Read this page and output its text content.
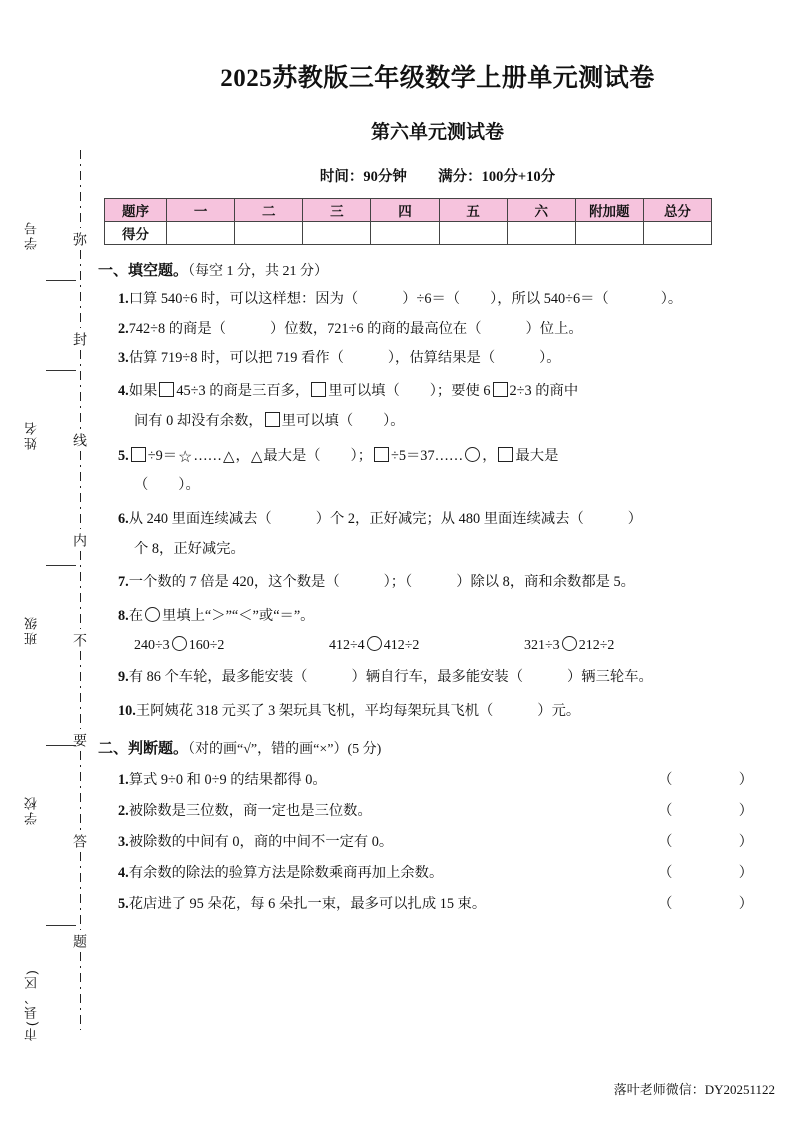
学号
姓名
班级
学校
市(县、区)
弥
封
线
内
不
要
答
题
2025苏教版三年级数学上册单元测试卷
第六单元测试卷

时间：90分钟 满分：100分+10分

题序	一	二	三	四	五	六	附加题	总分
得分								
一、填空题。（每空 1 分，共 21 分）
1.口算 540÷6 时，可以这样想：因为（	）÷6＝（ ），所以 540÷6＝（	）。
2.742÷8 的商是（	）位数，721÷6 的商的最高位在（	）位上。
3.估算 719÷8 时，可以把 719 看作（	），估算结果是（	）。
4.如果 45÷3 的商是三百多， 里可以填（ ）；要使 6 2÷3 的商中
间有 0 却没有余数， 里可以填（ ）。
5. ÷9＝☆……△，△最大是（ ）； ÷5＝37…… ， 最大是
（ ）。
6.从 240 里面连续减去（	）个 2，正好减完；从 480 里面连续减去（	）
个 8，正好减完。
7.一个数的 7 倍是 420，这个数是（	）；（	）除以 8，商和余数都是 5。
8.在 里填上“＞”“＜”或“＝”。
240÷3 160÷2	412÷4 412÷2	321÷3 212÷2
9.有 86 个车轮，最多能安装（	）辆自行车，最多能安装（	）辆三轮车。
10.王阿姨花 318 元买了 3 架玩具飞机，平均每架玩具飞机（	）元。
二、判断题。（对的画“√”，错的画“×”）(5 分)
1.算式 9÷0 和 0÷9 的结果都得 0。	（　）
2.被除数是三位数，商一定也是三位数。	（　）
3.被除数的中间有 0，商的中间不一定有 0。	（　）
4.有余数的除法的验算方法是除数乘商再加上余数。	（　）
5.花店进了 95 朵花，每 6 朵扎一束，最多可以扎成 15 束。	（　）
落叶老师微信：DY20251122
